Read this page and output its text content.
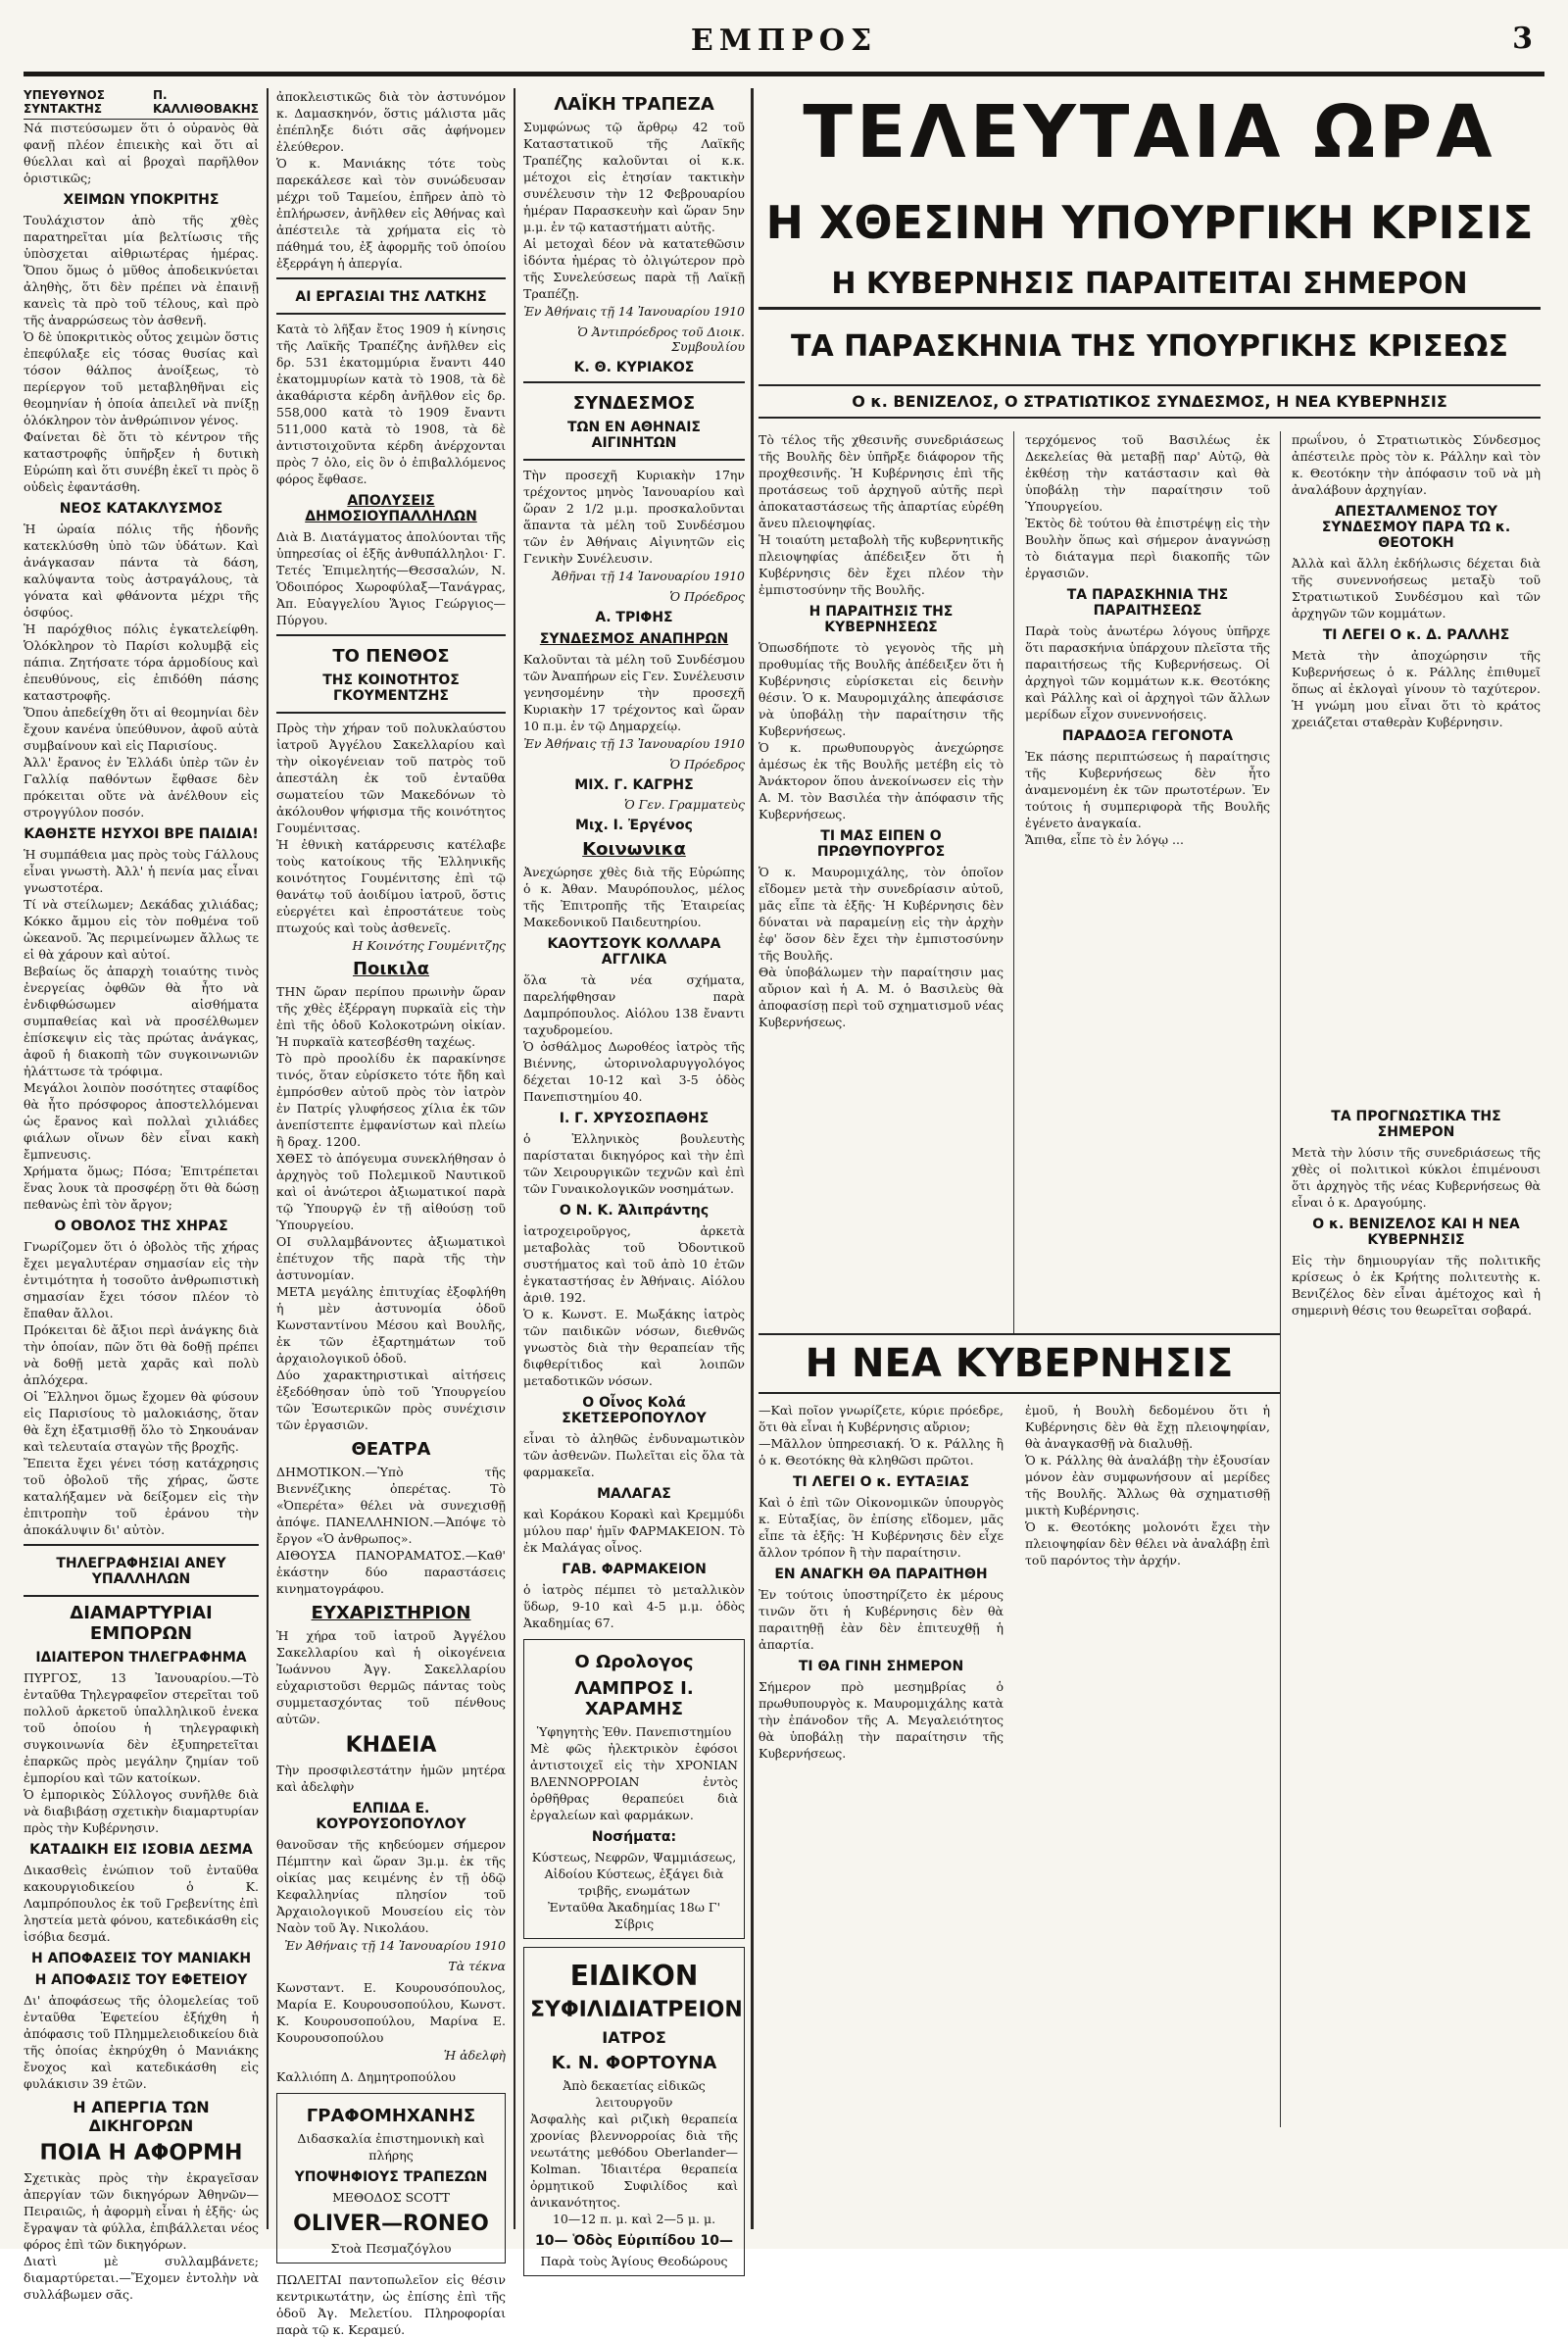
ΕΜΠΡΟΣ	3
ΥΠΕΥΘΥΝΟΣ ΣΥΝΤΑΚΤΗΣ
Π. ΚΑΛΛΙΘΟΒΑΚΗΣ

Νά πιστεύσωμεν ὅτι ὁ οὐρανὸς θὰ φανῇ πλέον ἐπιεικὴς καὶ ὅτι αἱ θύελλαι καὶ αἱ βροχαὶ παρῆλθον ὁριστικῶς;

ΧΕΙΜΩΝ ΥΠΟΚΡΙΤΗΣ

Τουλάχιστον ἀπὸ τῆς χθὲς παρατηρεῖται μία βελτίωσις τῆς ὑπὸσχεται αἰθριωτέρας ἡμέρας. Ὅπου ὅμως ὁ μῦθος ἀποδεικνύεται ἀληθὴς, ὅτι δὲν πρέπει νὰ ἐπαινῇ κανεὶς τὰ πρὸ τοῦ τέλους, καὶ πρὸ τῆς ἀναρρώσεως τὸν ἀσθενῆ.

Ὁ δὲ ὑποκριτικὸς οὗτος χειμὼν ὅστις ἐπεφύλαξε εἰς τόσας θυσίας καὶ τόσον θάλπος ἀνοίξεως, τὸ περίεργον τοῦ μεταβληθῆναι εἰς θεομηνίαν ἡ ὁποία ἀπειλεῖ νὰ πνίξῃ ὁλόκληρον τὸν ἀνθρώπινον γένος.

Φαίνεται δὲ ὅτι τὸ κέντρον τῆς καταστροφῆς ὑπῆρξεν ἡ δυτικὴ Εὐρώπη καὶ ὅτι συνέβη ἐκεῖ τι πρὸς ὃ οὐδεὶς ἐφαντάσθη.

ΝΕΟΣ ΚΑΤΑΚΛΥΣΜΟΣ

Ἡ ὡραία πόλις τῆς ἡδονῆς κατεκλύσθη ὑπὸ τῶν ὑδάτων. Καὶ ἀνάγκασαν πάντα τὰ δάση, καλύψαντα τοὺς ἀστραγάλους, τὰ γόνατα καὶ φθάνοντα μέχρι τῆς ὀσφύος.

Ἡ παρόχθιος πόλις ἐγκατελείφθη. Ὁλόκληρον τὸ Παρίσι κολυμβᾷ εἰς πάπια. Ζητήσατε τόρα ἁρμοδίους καὶ ἐπευθύνους, εἰς ἐπιδόθη πάσης καταστροφῆς.

Ὅπου ἀπεδείχθη ὅτι αἱ θεομηνίαι δὲν ἔχουν κανένα ὑπεύθυνον, ἀφοῦ αὐτὰ συμβαίνουν καὶ εἰς Παρισίους.

Ἀλλ' ἔρανος ἐν Ἑλλάδι ὑπὲρ τῶν ἐν Γαλλίᾳ παθόντων ἔφθασε δὲν πρόκειται οὔτε νὰ ἀνέλθουν εἰς στρογγύλον ποσόν.

ΚΑΘΗΣΤΕ ΗΣΥΧΟΙ ΒΡΕ ΠΑΙΔΙΑ!

Ἡ συμπάθεια μας πρὸς τοὺς Γάλλους εἶναι γνωστὴ. Ἀλλ' ἡ πενία μας εἶναι γνωστοτέρα.

Τί νὰ στείλωμεν; Δεκάδας χιλιάδας; Κόκκο ἄμμου εἰς τὸν ποθμένα τοῦ ὠκεανοῦ. Ἂς περιμείνωμεν ἄλλως τε εἰ θὰ χάρουν καὶ αὐτοί.

Βεβαίως ὅς ἀπαρχὴ τοιαύτης τινὸς ἐνεργείας ὀφθῶν θὰ ἦτο νὰ ἐνδιφθώσωμεν αἰσθήματα συμπαθείας καὶ νὰ προσέλθωμεν ἐπίσκεψιν εἰς τὰς πρώτας ἀνάγκας, ἀφοῦ ἡ διακοπὴ τῶν συγκοινωνιῶν ἠλάττωσε τὰ τρόφιμα.

Μεγάλοι λοιπὸν ποσότητες σταφίδος θὰ ἦτο πρόσφορος ἀποστελλόμεναι ὡς ἔρανος καὶ πολλαὶ χιλιάδες φιάλων οἴνων δὲν εἶναι κακὴ ἔμπνευσις.

Χρήματα ὅμως; Πόσα; Ἐπιτρέπεται ἕνας λουκ τὰ προσφέρῃ ὅτι θὰ δώσῃ πεθανὼς ἐπὶ τὸν ἄργον;

Ο ΟΒΟΛΟΣ ΤΗΣ ΧΗΡΑΣ

Γνωρίζομεν ὅτι ὁ ὀβολὸς τῆς χήρας ἔχει μεγαλυτέραν σημασίαν εἰς τὴν ἐντιμότητα ἡ τοσοῦτο ἀνθρωπιστικὴ σημασίαν ἔχει τόσον πλέον τὸ ἔπαθαν ἄλλοι.

Πρόκειται δὲ ἄξιοι περὶ ἀνάγκης διὰ τὴν ὁποίαν, πῶν ὅτι θὰ δοθῇ πρέπει νὰ δοθῇ μετὰ χαρᾶς καὶ πολὺ ἀπλόχερα.

Οἱ Ἕλληνοι ὅμως ἔχομεν θὰ φύσουν εἰς Παρισίους τὸ μαλοκιάσης, ὅταν θὰ ἔχη ἐξατμισθῇ ὅλο τὸ Σηκουάναν καὶ τελευταία σταγὼν τῆς βροχῆς.

Ἔπειτα ἔχει γένει τόσῃ κατάχρησις τοῦ ὀβολοῦ τῆς χήρας, ὥστε καταλήξαμεν νὰ δείξομεν εἰς τὴν ἐπιτροπὴν τοῦ ἐράνου τὴν ἀποκάλυψιν δι' αὐτὸν.

ΤΗΛΕΓΡΑΦΗΣΙΑΙ ΑΝΕΥ ΥΠΑΛΛΗΛΩΝ
ΔΙΑΜΑΡΤΥΡΙΑΙ ΕΜΠΟΡΩΝ
ΙΔΙΑΙΤΕΡΟΝ ΤΗΛΕΓΡΑΦΗΜΑ

ΠΥΡΓΟΣ, 13 Ἰανουαρίου.—Τὸ ἐνταῦθα Τηλεγραφεῖον στερεῖται τοῦ πολλοῦ ἀρκετοῦ ὑπαλληλικοῦ ἐνεκα τοῦ ὁποίου ἡ τηλεγραφικὴ συγκοινωνία δὲν ἐξυπηρετεῖται ἐπαρκῶς πρὸς μεγάλην ζημίαν τοῦ ἐμπορίου καὶ τῶν κατοίκων.

Ὁ ἐμπορικὸς Σύλλογος συνῆλθε διὰ νὰ διαβιβάσῃ σχετικὴν διαμαρτυρίαν πρὸς τὴν Κυβέρνησιν.

ΚΑΤΑΔΙΚΗ ΕΙΣ ΙΣΟΒΙΑ ΔΕΣΜΑ

Δικασθεὶς ἐνώπιον τοῦ ἐνταῦθα κακουργιοδικείου ὁ Κ. Λαμπρόπουλος ἐκ τοῦ Γρεβενίτης ἐπὶ ληστεία μετὰ φόνου, κατεδικάσθη εἰς ἰσόβια δεσμά.

Η ΑΠΟΦΑΣΕΙΣ ΤΟΥ ΜΑΝΙΑΚΗ
Η ΑΠΟΦΑΣΙΣ ΤΟΥ ΕΦΕΤΕΙΟΥ

Δι' ἀποφάσεως τῆς ὁλομελείας τοῦ ἐνταῦθα Ἐφετείου ἐξήχθη ἡ ἀπόφασις τοῦ Πλημμελειοδικείου διὰ τῆς ὁποίας ἐκηρύχθη ὁ Μανιάκης ἔνοχος καὶ κατεδικάσθη εἰς φυλάκισιν 39 ἐτῶν.

Η ΑΠΕΡΓΙΑ ΤΩΝ ΔΙΚΗΓΟΡΩΝ
ΠΟΙΑ Η ΑΦΟΡΜΗ

Σχετικὰς πρὸς τὴν ἐκραγεῖσαν ἀπεργίαν τῶν δικηγόρων Ἀθηνῶν—Πειραιῶς, ἡ ἀφορμὴ εἶναι ἡ ἑξῆς· ὡς ἔγραψαν τὰ φύλλα, ἐπιβάλλεται νέος φόρος ἐπὶ τῶν δικηγόρων.

Διατὶ μὲ συλλαμβάνετε; διαμαρτύρεται.—Ἔχομεν ἐντολὴν νὰ συλλάβωμεν σᾶς.

ἀποκλειστικῶς διὰ τὸν ἀστυνόμον κ. Δαμασκηνόν, ὅστις μάλιστα μᾶς ἐπέπληξε διότι σᾶς ἀφήνομεν ἐλεύθερον.

Ὁ κ. Μανιάκης τότε τοὺς παρεκάλεσε καὶ τὸν συνώδευσαν μέχρι τοῦ Ταμείου, ἐπῆρεν ἀπὸ τὸ ἐπλήρωσεν, ἀνῆλθεν εἰς Ἀθήνας καὶ ἀπέστειλε τὰ χρήματα εἰς τὸ πάθημά του, ἐξ ἀφορμῆς τοῦ ὁποίου ἐξερράγη ἡ ἀπεργία.

ΑΙ ΕΡΓΑΣΙΑΙ ΤΗΣ ΛΑΤΚΗΣ

Κατὰ τὸ λῆξαν ἔτος 1909 ἡ κίνησις τῆς Λαϊκῆς Τραπέζης ἀνῆλθεν εἰς δρ. 531 ἑκατομμύρια ἔναντι 440 ἑκατομμυρίων κατὰ τὸ 1908, τὰ δὲ ἀκαθάριστα κέρδη ἀνῆλθον εἰς δρ. 558,000 κατὰ τὸ 1909 ἔναντι 511,000 κατὰ τὸ 1908, τὰ δὲ ἀντιστοιχοῦντα κέρδη ἀνέρχονται πρὸς 7 ὀλο, εἰς ὃν ὁ ἐπιβαλλόμενος φόρος ἔφθασε.

ΑΠΟΛΥΣΕΙΣ ΔΗΜΟΣΙΟΥΠΑΛΛΗΛΩΝ

Διὰ Β. Διατάγματος ἀπολύονται τῆς ὑπηρεσίας οἱ ἑξῆς ἀνθυπάλληλοι· Γ. Τετές Ἐπιμελητής—Θεσσαλών, Ν. Ὁδοιπόρος Χωροφύλαξ—Τανάγρας, Ἀπ. Εὐαγγελίου Ἅγιος Γεώργιος—Πύργου.

ΤΟ ΠΕΝΘΟΣ
ΤΗΣ ΚΟΙΝΟΤΗΤΟΣ ΓΚΟΥΜΕΝΤΖΗΣ

Πρὸς τὴν χήραν τοῦ πολυκλαύστου ἰατροῦ Ἀγγέλου Σακελλαρίου καὶ τὴν οἰκογένειαν τοῦ πατρὸς τοῦ ἀπεστάλη ἐκ τοῦ ἐνταῦθα σωματείου τῶν Μακεδόνων τὸ ἀκόλουθον ψήφισμα τῆς κοινότητος Γουμένιτσας.

Ἡ ἐθνικὴ κατάρρευσις κατέλαβε τοὺς κατοίκους τῆς Ἑλληνικῆς κοινότητος Γουμένιτσης ἐπὶ τῷ θανάτῳ τοῦ ἀοιδίμου ἰατροῦ, ὅστις εὐεργέτει καὶ ἐπροστάτευε τοὺς πτωχούς καὶ τοὺς ἀσθενεῖς.

Η Κοινότης Γουμένιτζης
Ποικιλα

ΤΗΝ ὥραν περίπου πρωινὴν ὥραν τῆς χθὲς ἐξέρραγη πυρκαϊὰ εἰς τὴν ἐπὶ τῆς ὁδοῦ Κολοκοτρώνη οἰκίαν. Ἡ πυρκαϊὰ κατεσβέσθη ταχέως.

Τὸ πρὸ προολίδυ ἐκ παρακίνησε τινός, ὅταν εὐρίσκετο τότε ἤδη καὶ ἐμπρόσθεν αὐτοῦ πρὸς τὸν ἰατρὸν ἐν Πατρίς γλυφήσεος χίλια ἐκ τῶν ἀνεπίστεπτε ἐμφανίστων καὶ πλείω ἢ δραχ. 1200.

ΧΘΕΣ τὸ ἀπόγευμα συνεκλήθησαν ὁ ἀρχηγὸς τοῦ Πολεμικοῦ Ναυτικοῦ καὶ οἱ ἀνώτεροι ἀξιωματικοί παρὰ τῷ Ὑπουργῷ ἐν τῇ αἰθούσῃ τοῦ Ὑπουργείου.

ΟΙ συλλαμβάνοντες ἀξιωματικοὶ ἐπέτυχον τῆς παρὰ τῆς τὴν ἀστυνομίαν.

ΜΕΤΑ μεγάλης ἐπιτυχίας ἐξοφλήθη ἡ μὲν ἀστυνομία ὁδοῦ Κωνσταντίνου Μέσου καὶ Βουλῆς, ἐκ τῶν ἐξαρτημάτων τοῦ ἀρχαιολογικοῦ ὁδοῦ.

Δύο χαρακτηριστικαὶ αἰτήσεις ἐξεδόθησαν ὑπὸ τοῦ Ὑπουργείου τῶν Ἐσωτερικῶν πρὸς συνέχισιν τῶν ἐργασιῶν.

ΘΕΑΤΡΑ

ΔΗΜΟΤΙΚΟΝ.—Ὑπὸ τῆς Βιεννέζικης ὀπερέτας. Τὸ «Ὀπερέτα» θέλει νὰ συνεχισθῇ ἀπόψε. ΠΑΝΕΛΛΗΝΙΟΝ.—Ἀπόψε τὸ ἔργον «Ὁ ἀνθρωπος».

ΑΙΘΟΥΣΑ ΠΑΝΟΡΑΜΑΤΟΣ.—Καθ' ἑκάστην δύο παραστάσεις κινηματογράφου.

ΕΥΧΑΡΙΣΤΗΡΙΟΝ

Ἡ χήρα τοῦ ἰατροῦ Ἀγγέλου Σακελλαρίου καὶ ἡ οἰκογένεια Ἰωάννου Ἀγγ. Σακελλαρίου εὐχαριστοῦσι θερμῶς πάντας τοὺς συμμετασχόντας τοῦ πένθους αὐτῶν.

ΚΗΔΕΙΑ

Τὴν προσφιλεστάτην ἡμῶν μητέρα καὶ ἀδελφὴν

ΕΛΠΙΔΑ Ε. ΚΟΥΡΟΥΣΟΠΟΥΛΟΥ

θανοῦσαν τῆς κηδεύομεν σήμερον Πέμπτην καὶ ὥραν 3μ.μ. ἐκ τῆς οἰκίας μας κειμένης ἐν τῇ ὁδῷ Κεφαλληνίας πλησίον τοῦ Ἀρχαιολογικοῦ Μουσείου εἰς τὸν Ναὸν τοῦ Ἁγ. Νικολάου.

Ἐν Ἀθήναις τῇ 14 Ἰανουαρίου 1910
Τὰ τέκνα

Κωνσταντ. Ε. Κουρουσόπουλος, Μαρία Ε. Κουρουσοπούλου, Κωνστ. Κ. Κουρουσοπούλου, Μαρίνα Ε. Κουρουσοπούλου

Ἡ ἀδελφὴ

Καλλιόπη Δ. Δημητροπούλου

ΓΡΑΦΟΜΗΧΑΝΗΣ

Διδασκαλία ἐπιστημονικὴ καὶ πλήρης

ΥΠΟΨΗΦΙΟΥΣ ΤΡΑΠΕΖΩΝ

ΜΕΘΟΔΟΣ SCOTT

OLIVER—RONEO

Στοὰ Πεσμαζόγλου

ΠΩΛΕΙΤΑΙ παντοπωλεῖον εἰς θέσιν κεντρικωτάτην, ὡς ἐπίσης ἐπὶ τῆς ὁδοῦ Ἀγ. Μελετίου. Πληροφορίαι παρὰ τῷ κ. Κεραμεύ.

ΛΑΪΚΗ ΤΡΑΠΕΖΑ

Συμφώνως τῷ ἄρθρῳ 42 τοῦ Καταστατικοῦ τῆς Λαϊκῆς Τραπέζης καλοῦνται οἱ κ.κ. μέτοχοι εἰς ἐτησίαν τακτικὴν συνέλευσιν τὴν 12 Φεβρουαρίου ἡμέραν Παρασκευὴν καὶ ὥραν 5ην μ.μ. ἐν τῷ καταστήματι αὐτῆς.

Αἱ μετοχαὶ δέον νὰ κατατεθῶσιν ἰδόντα ἡμέρας τὸ ὀλιγώτερον πρὸ τῆς Συνελεύσεως παρὰ τῇ Λαϊκῇ Τραπέζῃ.

Ἐν Ἀθήναις τῇ 14 Ἰανουαρίου 1910
Ὁ Ἀντιπρόεδρος τοῦ Διοικ. Συμβουλίου
Κ. Θ. ΚΥΡΙΑΚΟΣ
ΣΥΝΔΕΣΜΟΣ
ΤΩΝ ΕΝ ΑΘΗΝΑΙΣ ΑΙΓΙΝΗΤΩΝ

Τὴν προσεχῆ Κυριακὴν 17ην τρέχοντος μηνὸς Ἰανουαρίου καὶ ὥραν 2 1/2 μ.μ. προσκαλοῦνται ἅπαντα τὰ μέλη τοῦ Συνδέσμου τῶν ἐν Ἀθήναις Αἰγινητῶν εἰς Γενικὴν Συνέλευσιν.

Ἀθῆναι τῇ 14 Ἰανουαρίου 1910
Ὁ Πρόεδρος
Α. ΤΡΙΦΗΣ
ΣΥΝΔΕΣΜΟΣ ΑΝΑΠΗΡΩΝ

Καλοῦνται τὰ μέλη τοῦ Συνδέσμου τῶν Ἀναπήρων εἰς Γεν. Συνέλευσιν γενησομένην τὴν προσεχῆ Κυριακὴν 17 τρέχοντος καὶ ὥραν 10 π.μ. ἐν τῷ Δημαρχείῳ.

Ἐν Ἀθήναις τῇ 13 Ἰανουαρίου 1910
Ὁ Πρόεδρος
ΜΙΧ. Γ. ΚΑΓΡΗΣ
Ὁ Γεν. Γραμματεὺς
Μιχ. Ι. Ἐργένος
Κοινωνικα

Ἀνεχώρησε χθὲς διὰ τῆς Εὐρώπης ὁ κ. Ἀθαν. Μαυρόπουλος, μέλος τῆς Ἐπιτροπῆς τῆς Ἐταιρείας Μακεδονικοῦ Παιδευτηρίου.

ΚΑΟΥΤΣΟΥΚ ΚΟΛΛΑΡΑ ΑΓΓΛΙΚΑ

ὅλα τὰ νέα σχήματα, παρελήφθησαν παρὰ Δαμπρόπουλος. Αἰόλου 138 ἔναντι ταχυδρομείου.

Ὁ ὀσθάλμος Δωροθέος ἰατρὸς τῆς Βιέννης, ὠτορινολαρυγγολόγος δέχεται 10-12 καὶ 3-5 ὁδὸς Πανεπιστημίου 40.

Ι. Γ. ΧΡΥΣΟΣΠΑΘΗΣ

ὁ Ἑλληνικὸς βουλευτὴς παρίσταται δικηγόρος καὶ τὴν ἐπὶ τῶν Χειρουργικῶν τεχνῶν καὶ ἐπὶ τῶν Γυναικολογικῶν νοσημάτων.

Ο Ν. Κ. Ἀλιπράντης

ἰατροχειροῦργος, ἀρκετὰ μεταβολὰς τοῦ Ὀδοντικοῦ συστήματος καὶ τοῦ ἀπὸ 10 ἐτῶν ἐγκαταστήσας ἐν Ἀθήναις. Αἰόλου ἀριθ. 192.

Ὁ κ. Κωνστ. Ε. Μωξάκης ἰατρὸς τῶν παιδικῶν νόσων, διεθνῶς γνωστὸς διὰ τὴν θεραπείαν τῆς διφθερίτιδος καὶ λοιπῶν μεταδοτικῶν νόσων.

Ο Οἶνος Κολά ΣΚΕΤΣΕΡΟΠΟΥΛΟΥ

εἶναι τὸ ἀληθῶς ἐνδυναμωτικὸν τῶν ἀσθενῶν. Πωλεῖται εἰς ὅλα τὰ φαρμακεῖα.

ΜΑΛΑΓΑΣ

καὶ Κοράκου Κορακὶ καὶ Κρεμμύδι μύλου παρ' ἡμῖν ΦΑΡΜΑΚΕΙΟΝ. Τὸ ἐκ Μαλάγας οἶνος.

ΓΑΒ. ΦΑΡΜΑΚΕΙΟΝ

ὁ ἰατρὸς πέμπει τὸ μεταλλικὸν ὕδωρ, 9-10 καὶ 4-5 μ.μ. ὁδὸς Ἀκαδημίας 67.

Ο Ωρολογος
ΛΑΜΠΡΟΣ Ι. ΧΑΡΑΜΗΣ

Ὑφηγητὴς Ἐθν. Πανεπιστημίου

Μὲ φῶς ἠλεκτρικὸν ἐφόσοι ἀντιστοιχεῖ εἰς τὴν ΧΡΟΝΙΑΝ ΒΛΕΝΝΟΡΡΟΙΑΝ ἐντὸς ὀρθῆθρας θεραπεύει διὰ ἐργαλείων καὶ φαρμάκων.

Νοσήματα:

Κύστεως, Νεφρῶν, Ψαμμιάσεως, Αἰδοίου Κύστεως, ἐξάγει διὰ τριβῆς, ενωμάτων

Ἐνταῦθα Ἀκαδημίας 18ω Γ' Σίβρις

ΕΙΔΙΚΟΝ
ΣΥΦΙΛΙΔΙΑΤΡΕΙΟΝ
ΙΑΤΡΟΣ
Κ. Ν. ΦΟΡΤΟΥΝΑ

Ἀπὸ δεκαετίας εἰδικῶς λειτουργοῦν

Ἀσφαλὴς καὶ ριζικὴ θεραπεία χρονίας βλεννορροίας διὰ τῆς νεωτάτης μεθόδου Oberlander—Kolman. Ἰδιαιτέρα θεραπεία ὀρμητικοῦ Συφιλίδος καὶ ἀνικανότητος.

10—12 π. μ. καὶ 2—5 μ. μ.

10— Ὁδὸς Εὐριπίδου 10—

Παρὰ τοὺς Ἁγίους Θεοδώρους

ΤΕΛΕΥΤΑΙΑ ΩΡΑ
Η ΧΘΕΣΙΝΗ ΥΠΟΥΡΓΙΚΗ ΚΡΙΣΙΣ
Η ΚΥΒΕΡΝΗΣΙΣ ΠΑΡΑΙΤΕΙΤΑΙ ΣΗΜΕΡΟΝ
ΤΑ ΠΑΡΑΣΚΗΝΙΑ ΤΗΣ ΥΠΟΥΡΓΙΚΗΣ ΚΡΙΣΕΩΣ
Ο κ. ΒΕΝΙΖΕΛΟΣ, Ο ΣΤΡΑΤΙΩΤΙΚΟΣ ΣΥΝΔΕΣΜΟΣ, Η ΝΕΑ ΚΥΒΕΡΝΗΣΙΣ

Τὸ τέλος τῆς χθεσινῆς συνεδριάσεως τῆς Βουλῆς δὲν ὑπῆρξε διάφορον τῆς προχθεσινῆς. Ἡ Κυβέρνησις ἐπὶ τῆς προτάσεως τοῦ ἀρχηγοῦ αὐτῆς περὶ ἀποκαταστάσεως τῆς ἀπαρτίας εὑρέθη ἄνευ πλειοψηφίας.

Ἡ τοιαύτη μεταβολὴ τῆς κυβερνητικῆς πλειοψηφίας ἀπέδειξεν ὅτι ἡ Κυβέρνησις δὲν ἔχει πλέον τὴν ἐμπιστοσύνην τῆς Βουλῆς.

Η ΠΑΡΑΙΤΗΣΙΣ ΤΗΣ ΚΥΒΕΡΝΗΣΕΩΣ

Ὁπωσδήποτε τὸ γεγονὸς τῆς μὴ προθυμίας τῆς Βουλῆς ἀπέδειξεν ὅτι ἡ Κυβέρνησις εὑρίσκεται εἰς δεινὴν θέσιν. Ὁ κ. Μαυρομιχάλης ἀπεφάσισε νὰ ὑποβάλῃ τὴν παραίτησιν τῆς Κυβερνήσεως.

Ὁ κ. πρωθυπουργὸς ἀνεχώρησε ἀμέσως ἐκ τῆς Βουλῆς μετέβη εἰς τὸ Ἀνάκτορον ὅπου ἀνεκοίνωσεν εἰς τὴν Α. Μ. τὸν Βασιλέα τὴν ἀπόφασιν τῆς Κυβερνήσεως.

ΤΙ ΜΑΣ ΕΙΠΕΝ Ο ΠΡΩΘΥΠΟΥΡΓΟΣ

Ὁ κ. Μαυρομιχάλης, τὸν ὁποῖον εἴδομεν μετὰ τὴν συνεδρίασιν αὐτοῦ, μᾶς εἶπε τὰ ἑξῆς· Ἡ Κυβέρνησις δὲν δύναται νὰ παραμείνῃ εἰς τὴν ἀρχὴν ἐφ' ὅσον δὲν ἔχει τὴν ἐμπιστοσύνην τῆς Βουλῆς.

Θὰ ὑποβάλωμεν τὴν παραίτησιν μας αὔριον καὶ ἡ Α. Μ. ὁ Βασιλεὺς θὰ ἀποφασίσῃ περὶ τοῦ σχηματισμοῦ νέας Κυβερνήσεως.

τερχόμενος τοῦ Βασιλέως ἐκ Δεκελείας θὰ μεταβῇ παρ' Αὐτῷ, θὰ ἐκθέσῃ τὴν κατάστασιν καὶ θὰ ὑποβάλῃ τὴν παραίτησιν τοῦ Ὑπουργείου.

Ἐκτὸς δὲ τούτου θὰ ἐπιστρέψῃ εἰς τὴν Βουλὴν ὅπως καὶ σήμερον ἀναγνώσῃ τὸ διάταγμα περὶ διακοπῆς τῶν ἐργασιῶν.

ΤΑ ΠΑΡΑΣΚΗΝΙΑ ΤΗΣ ΠΑΡΑΙΤΗΣΕΩΣ

Παρὰ τοὺς ἀνωτέρω λόγους ὑπῆρχε ὅτι παρασκήνια ὑπάρχουν πλεῖστα τῆς παραιτήσεως τῆς Κυβερνήσεως. Οἱ ἀρχηγοὶ τῶν κομμάτων κ.κ. Θεοτόκης καὶ Ράλλης καὶ οἱ ἀρχηγοὶ τῶν ἄλλων μερίδων εἶχον συνεννοήσεις.

ΠΑΡΑΔΟΞΑ ΓΕΓΟΝΟΤΑ

Ἐκ πάσης περιπτώσεως ἡ παραίτησις τῆς Κυβερνήσεως δὲν ἦτο ἀναμενομένη ἐκ τῶν πρωτοτέρων. Ἐν τούτοις ἡ συμπεριφορὰ τῆς Βουλῆς ἐγένετο ἀναγκαία.

Ἄπιθα, εἶπε τὸ ἐν λόγῳ ...

πρωΐνου, ὁ Στρατιωτικὸς Σύνδεσμος ἀπέστειλε πρὸς τὸν κ. Ράλλην καὶ τὸν κ. Θεοτόκην τὴν ἀπόφασιν τοῦ νὰ μὴ ἀναλάβουν ἀρχηγίαν.

ΑΠΕΣΤΑΛΜΕΝΟΣ ΤΟΥ ΣΥΝΔΕΣΜΟΥ ΠΑΡΑ ΤΩ κ. ΘΕΟΤΟΚΗ

Ἀλλὰ καὶ ἄλλη ἐκδήλωσις δέχεται διὰ τῆς συνεννοήσεως μεταξὺ τοῦ Στρατιωτικοῦ Συνδέσμου καὶ τῶν ἀρχηγῶν τῶν κομμάτων.

ΤΙ ΛΕΓΕΙ Ο κ. Δ. ΡΑΛΛΗΣ

Μετὰ τὴν ἀποχώρησιν τῆς Κυβερνήσεως ὁ κ. Ράλλης ἐπιθυμεῖ ὅπως αἱ ἐκλογαὶ γίνουν τὸ ταχύτερον. Ἡ γνώμη μου εἶναι ὅτι τὸ κράτος χρειάζεται σταθερὰν Κυβέρνησιν.

ΤΑ ΠΡΟΓΝΩΣΤΙΚΑ ΤΗΣ ΣΗΜΕΡΟΝ

Μετὰ τὴν λύσιν τῆς συνεδριάσεως τῆς χθὲς οἱ πολιτικοὶ κύκλοι ἐπιμένουσι ὅτι ἀρχηγὸς τῆς νέας Κυβερνήσεως θὰ εἶναι ὁ κ. Δραγούμης.

Ο κ. ΒΕΝΙΖΕΛΟΣ ΚΑΙ Η ΝΕΑ ΚΥΒΕΡΝΗΣΙΣ

Εἰς τὴν δημιουργίαν τῆς πολιτικῆς κρίσεως ὁ ἐκ Κρήτης πολιτευτὴς κ. Βενιζέλος δὲν εἶναι ἀμέτοχος καὶ ἡ σημερινὴ θέσις του θεωρεῖται σοβαρά.

Η ΝΕΑ ΚΥΒΕΡΝΗΣΙΣ

—Καὶ ποῖον γνωρίζετε, κύριε πρόεδρε, ὅτι θὰ εἶναι ἡ Κυβέρνησις αὔριον;

—Μᾶλλον ὑπηρεσιακή. Ὁ κ. Ράλλης ἢ ὁ κ. Θεοτόκης θὰ κληθῶσι πρῶτοι.

ΤΙ ΛΕΓΕΙ Ο κ. ΕΥΤΑΞΙΑΣ

Καὶ ὁ ἐπὶ τῶν Οἰκονομικῶν ὑπουργὸς κ. Εὐταξίας, ὃν ἐπίσης εἴδομεν, μᾶς εἶπε τὰ ἑξῆς: Ἡ Κυβέρνησις δὲν εἶχε ἄλλον τρόπον ἢ τὴν παραίτησιν.

ΕΝ ΑΝΑΓΚΗ ΘΑ ΠΑΡΑΙΤΗΘΗ

Ἐν τούτοις ὑποστηρίζετο ἐκ μέρους τινῶν ὅτι ἡ Κυβέρνησις δὲν θὰ παραιτηθῇ ἐὰν δὲν ἐπιτευχθῇ ἡ ἀπαρτία.

ΤΙ ΘΑ ΓΙΝΗ ΣΗΜΕΡΟΝ

Σήμερον πρὸ μεσημβρίας ὁ πρωθυπουργὸς κ. Μαυρομιχάλης κατὰ τὴν ἐπάνοδον τῆς Α. Μεγαλειότητος θὰ ὑποβάλῃ τὴν παραίτησιν τῆς Κυβερνήσεως.

ἐμοῦ, ἡ Βουλὴ δεδομένου ὅτι ἡ Κυβέρνησις δὲν θὰ ἔχῃ πλειοψηφίαν, θὰ ἀναγκασθῇ νὰ διαλυθῇ.

Ὁ κ. Ράλλης θὰ ἀναλάβῃ τὴν ἐξουσίαν μόνον ἐὰν συμφωνήσουν αἱ μερίδες τῆς Βουλῆς. Ἄλλως θὰ σχηματισθῇ μικτὴ Κυβέρνησις.

Ὁ κ. Θεοτόκης μολονότι ἔχει τὴν πλειοψηφίαν δὲν θέλει νὰ ἀναλάβῃ ἐπὶ τοῦ παρόντος τὴν ἀρχήν.
